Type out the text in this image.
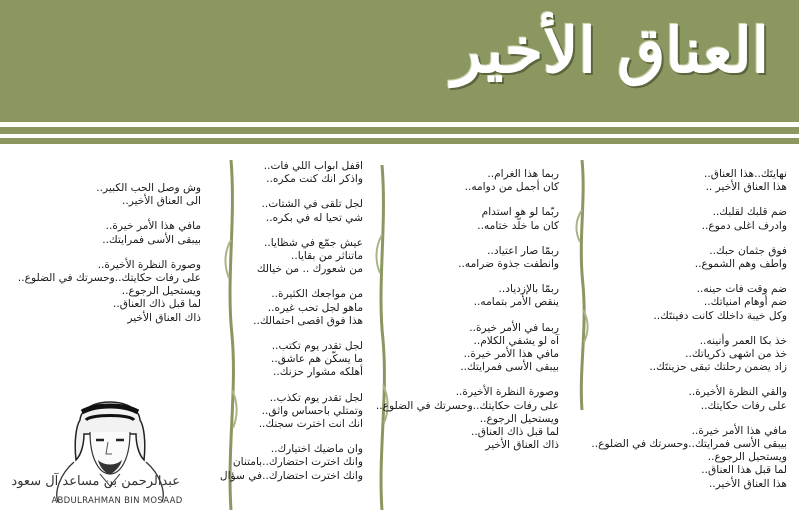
العناق الأخير
نهايتَك..هذا العناق..
هذا العناق الأخير ..
ضم قلبك لقلبك..
وادرف اغلى دموع..
فوق جثمان حبك..
واطف وهم الشموع..
ضم وقت فات حينه..
ضم أوهام امنياتك..
وكل خيبة داخلك كانت دفينتَك..
خذ بكا العمر وأنينه..
خذ من اشهى ذكرياتك..
زاد يضمن رحلتك تبقى حزينتَك..
والقي النظرة الأخيرة..
على رفات حكايتك..
مافي هذا الأمر خيرة..
بيبقى الأسى فمرايتك..وحسرتك في الضلوع..
ويستحيل الرجوع..
لما قبل هذا العناق..
هذا العناق الأخير..
ربما هذا الغرام..
كان أجمل من دوامه..
ربّما لو هو استدام
كان ما خلّد ختامه..
ربمّا صار اعتياد..
وانطفت جذوة ضرامه..
ربمّا بالإزدياد..
ينقص الأمر بتمامه..
ربما في الأمر خيرة..
آه لو يشفي الكلام..
مافي هذا الأمر خيرة..
بيبقى الأسى فمرايتك..
وصورة النظرة الأخيرة..
على رفات حكايتك..وحسرتك في الضلوع..
ويستحيل الرجوع..
لما قبل ذاك العناق..
ذاك العناق الأخير
اقفل ابواب اللي فات..
واذكر انك كنت مكره..
لجل تلقى في الشتات..
شي تحيا له في بكره..
عيش جمّع في شظايا..
ماتناثر من بقايا..
من شعورك .. من خيالك
من مواجعك الكثيرة..
ماهو لجل تحب غيره..
هذا فوق اقصى احتمالك..
لجل تقدر يوم تكتب..
ما يسكّن هم عاشق..
أهلكه مشوار حزنك..
لجل تقدر يوم تكذب..
وتمتلي باحساس واثق..
انك انت اخترت سجنك..
وان ماضيك اختيارك..
وانك اخترت احتضارك..بامتنان
وانك اخترت احتضارك..في سؤال
وش وصل الحب الكبير..
الى العناق الأخير..
مافي هذا الأمر خيرة..
بيبقى الأسى فمرايتك..
وصورة النظرة الأخيرة..
على رفات حكايتك..وحسرتك في الضلوع..
ويستحيل الرجوع..
لما قبل ذاك العناق..
ذاك العناق الأخير
عبدالرحمن بن مساعد آل سعود
ABDULRAHMAN BIN MOSAAD
